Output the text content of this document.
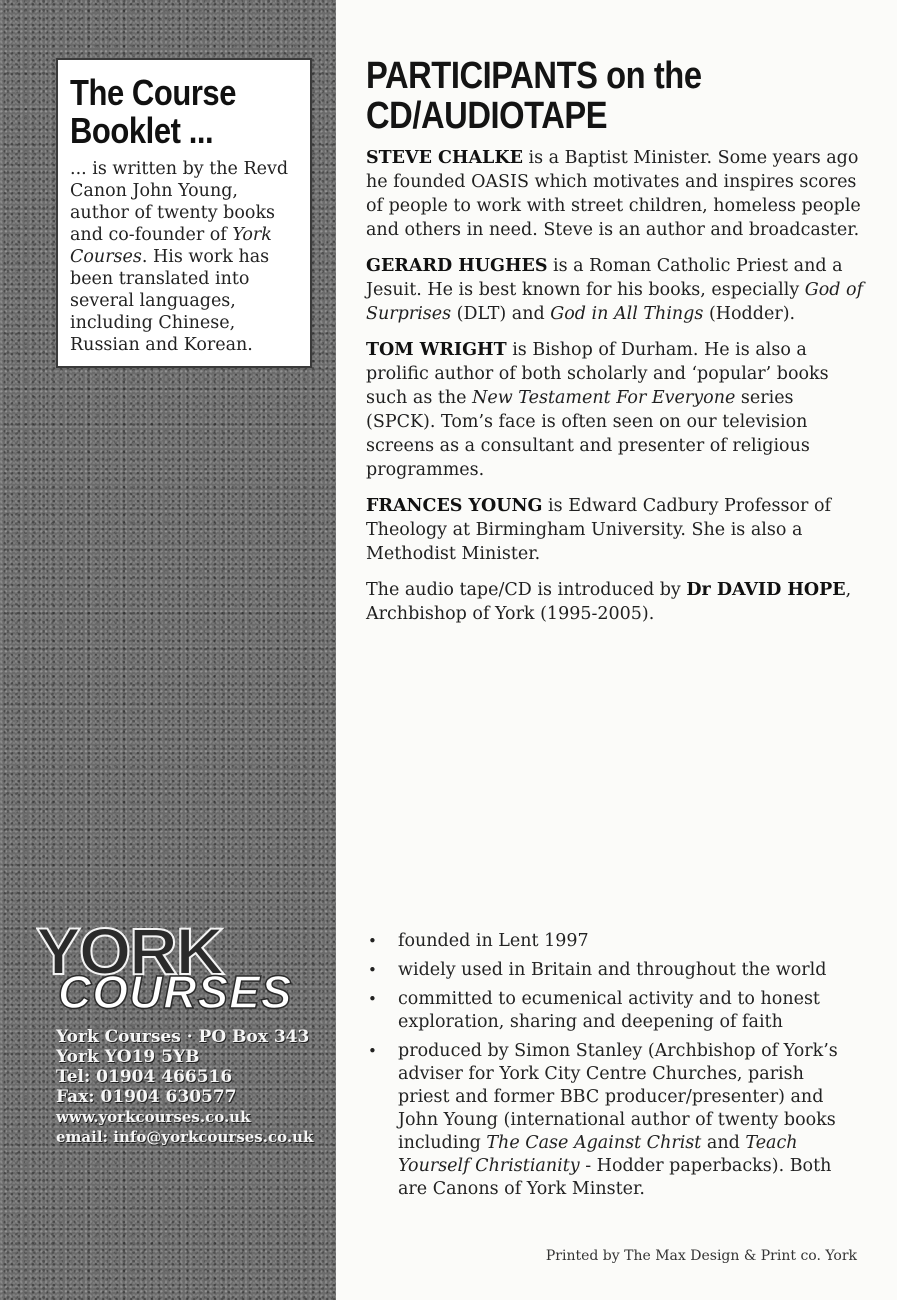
The Course
Booklet ...

... is written by the Revd Canon John Young, author of twenty books and co-founder of York Courses. His work has been translated into several languages, including Chinese, Russian and Korean.

YORK
COURSES
York Courses · PO Box 343
York YO19 5YB
Tel: 01904 466516
Fax: 01904 630577
www.yorkcourses.co.uk
email: info@yorkcourses.co.uk
PARTICIPANTS on the
CD/AUDIOTAPE

STEVE CHALKE is a Baptist Minister. Some years ago he founded OASIS which motivates and inspires scores of people to work with street children, homeless people and others in need. Steve is an author and broadcaster.

GERARD HUGHES is a Roman Catholic Priest and a Jesuit. He is best known for his books, especially God of Surprises (DLT) and God in All Things (Hodder).

TOM WRIGHT is Bishop of Durham. He is also a prolific author of both scholarly and ‘popular’ books such as the New Testament For Everyone series (SPCK). Tom’s face is often seen on our television screens as a consultant and presenter of religious programmes.

FRANCES YOUNG is Edward Cadbury Professor of Theology at Birmingham University. She is also a Methodist Minister.

The audio tape/CD is introduced by Dr DAVID HOPE, Archbishop of York (1995-2005).

• founded in Lent 1997
• widely used in Britain and throughout the world
• committed to ecumenical activity and to honest exploration, sharing and deepening of faith
• produced by Simon Stanley (Archbishop of York’s adviser for York City Centre Churches, parish priest and former BBC producer/presenter) and John Young (international author of twenty books including The Case Against Christ and Teach Yourself Christianity - Hodder paperbacks). Both are Canons of York Minster.
Printed by The Max Design & Print co. York
